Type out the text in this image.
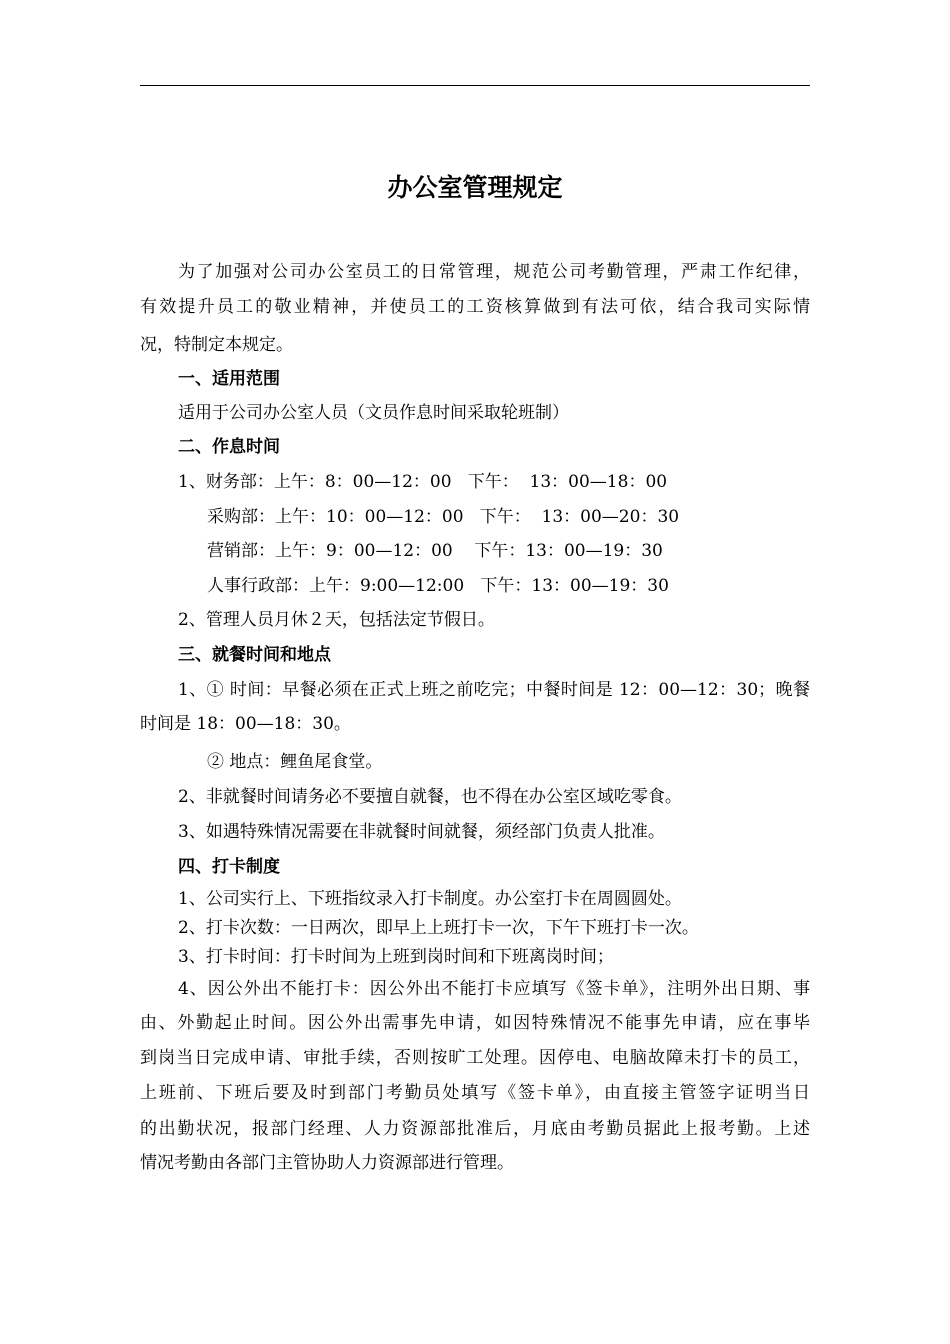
办公室管理规定
为了加强对公司办公室员工的日常管理，规范公司考勤管理，严肃工作纪律，
有效提升员工的敬业精神，并使员工的工资核算做到有法可依，结合我司实际情
况，特制定本规定。
一、适用范围
适用于公司办公室人员（文员作息时间采取轮班制）
二、作息时间
1、财务部：上午：8：00—12：00   下午：  13：00—18：00
采购部：上午：10：00—12：00   下午：  13：00—20：30
营销部：上午：9：00—12：00    下午：13：00—19：30
人事行政部：上午：9:00—12:00   下午：13：00—19：30
2、管理人员月休２天，包括法定节假日。
三、就餐时间和地点
1、① 时间：早餐必须在正式上班之前吃完；中餐时间是 12：00—12：30；晚餐
时间是 18：00—18：30。
② 地点：鲤鱼尾食堂。
2、非就餐时间请务必不要擅自就餐，也不得在办公室区域吃零食。
3、如遇特殊情况需要在非就餐时间就餐，须经部门负责人批准。
四、打卡制度
1、公司实行上、下班指纹录入打卡制度。办公室打卡在周圆圆处。
2、打卡次数：一日两次，即早上上班打卡一次，下午下班打卡一次。
3、打卡时间：打卡时间为上班到岗时间和下班离岗时间；
4、因公外出不能打卡：因公外出不能打卡应填写《签卡单》，注明外出日期、事
由、外勤起止时间。因公外出需事先申请，如因特殊情况不能事先申请，应在事毕
到岗当日完成申请、审批手续，否则按旷工处理。因停电、电脑故障未打卡的员工，
上班前、下班后要及时到部门考勤员处填写《签卡单》，由直接主管签字证明当日
的出勤状况，报部门经理、人力资源部批准后，月底由考勤员据此上报考勤。上述
情况考勤由各部门主管协助人力资源部进行管理。
